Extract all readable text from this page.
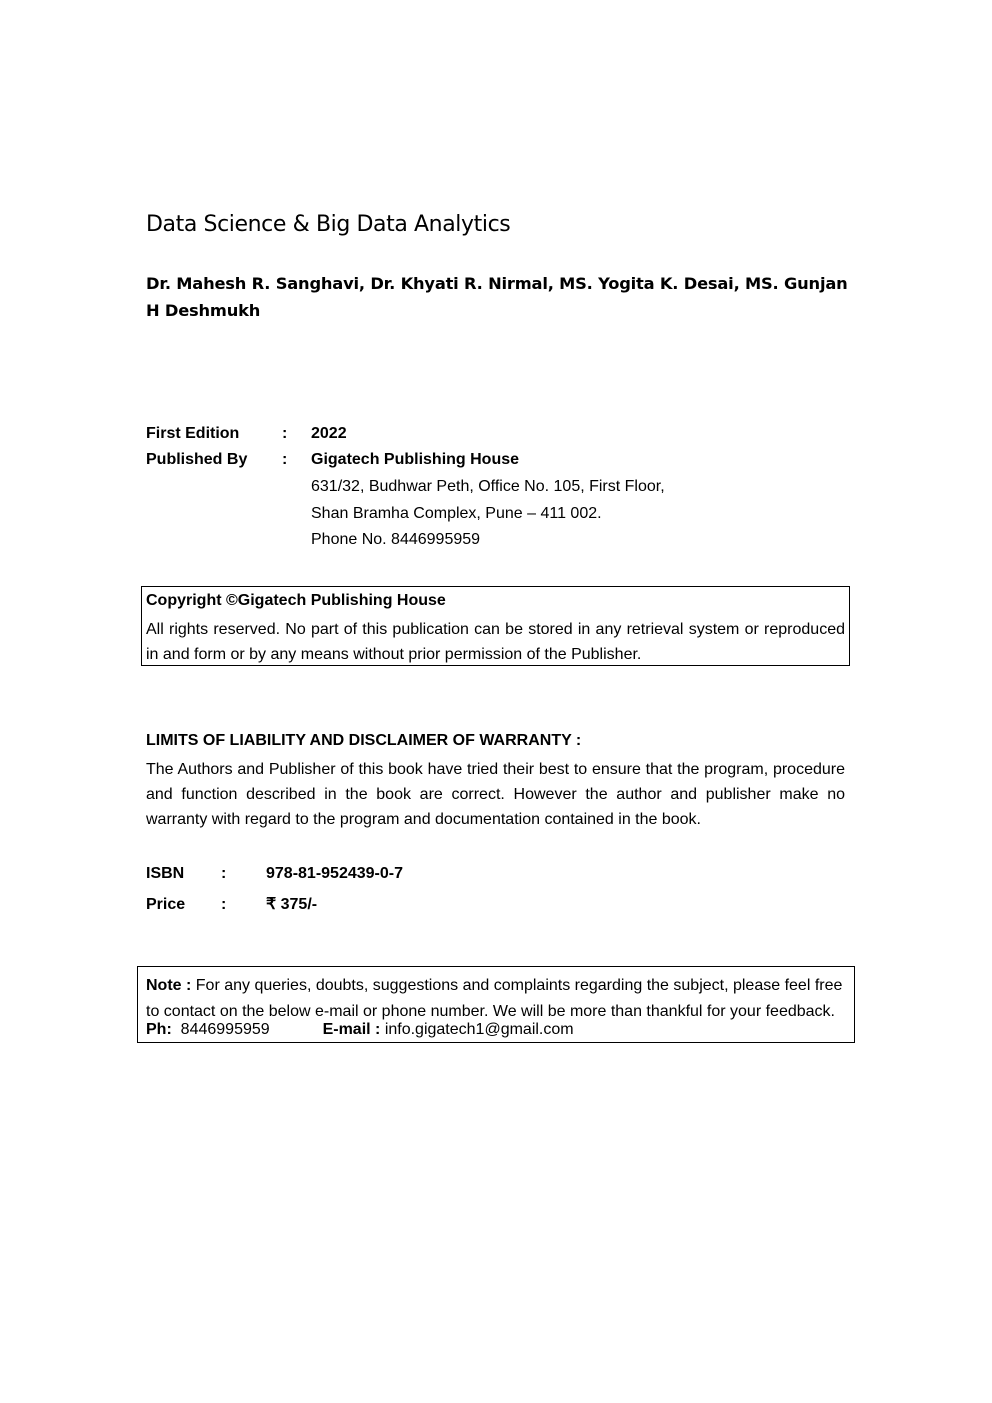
Data Science & Big Data Analytics
Dr. Mahesh R. Sanghavi, Dr. Khyati R. Nirmal, MS. Yogita K. Desai, MS. Gunjan H Deshmukh
First Edition	: 2022
Published By : Gigatech Publishing House
631/32, Budhwar Peth, Office No. 105, First Floor,
Shan Bramha Complex, Pune – 411 002.
Phone No. 8446995959
Copyright ©Gigatech Publishing House
All rights reserved. No part of this publication can be stored in any retrieval system or reproduced in and form or by any means without prior permission of the Publisher.
LIMITS OF LIABILITY AND DISCLAIMER OF WARRANTY :
The Authors and Publisher of this book have tried their best to ensure that the program, procedure and function described in the book are correct. However the author and publisher make no warranty with regard to the program and documentation contained in the book.
ISBN : 978-81-952439-0-7
Price : ₹ 375/-
Note : For any queries, doubts, suggestions and complaints regarding the subject, please feel free to contact on the below e-mail or phone number. We will be more than thankful for your feedback.
Ph: 8446995959	E-mail : info.gigatech1@gmail.com
